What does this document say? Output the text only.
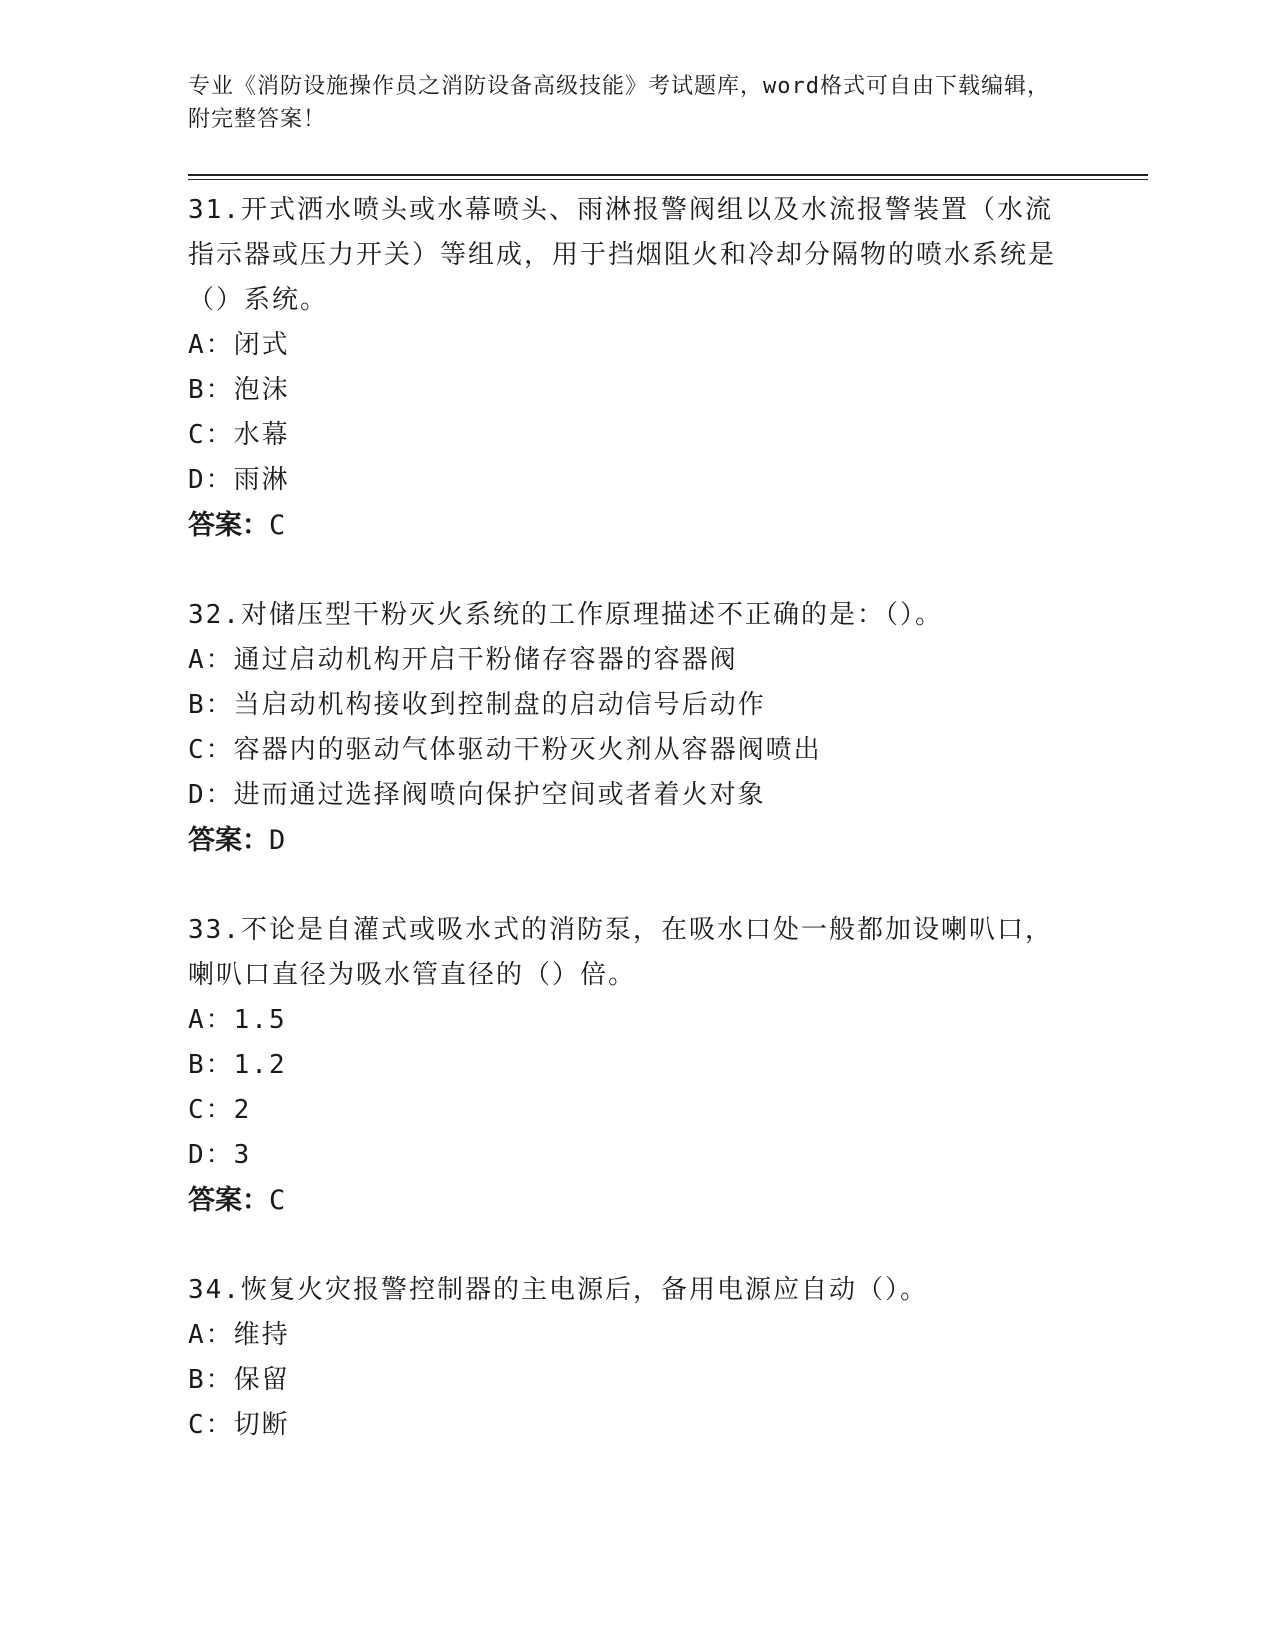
专业《消防设施操作员之消防设备高级技能》考试题库，word格式可自由下载编辑，附完整答案！

31.开式洒水喷头或水幕喷头、雨淋报警阀组以及水流报警装置（水流指示器或压力开关）等组成，用于挡烟阻火和冷却分隔物的喷水系统是（）系统。

A：闭式

B：泡沫

C：水幕

D：雨淋

答案：C

32.对储压型干粉灭火系统的工作原理描述不正确的是：（）。

A：通过启动机构开启干粉储存容器的容器阀

B：当启动机构接收到控制盘的启动信号后动作

C：容器内的驱动气体驱动干粉灭火剂从容器阀喷出

D：进而通过选择阀喷向保护空间或者着火对象

答案：D

33.不论是自灌式或吸水式的消防泵，在吸水口处一般都加设喇叭口，喇叭口直径为吸水管直径的（）倍。

A：1.5

B：1.2

C：2

D：3

答案：C

34.恢复火灾报警控制器的主电源后，备用电源应自动（）。

A：维持

B：保留

C：切断
